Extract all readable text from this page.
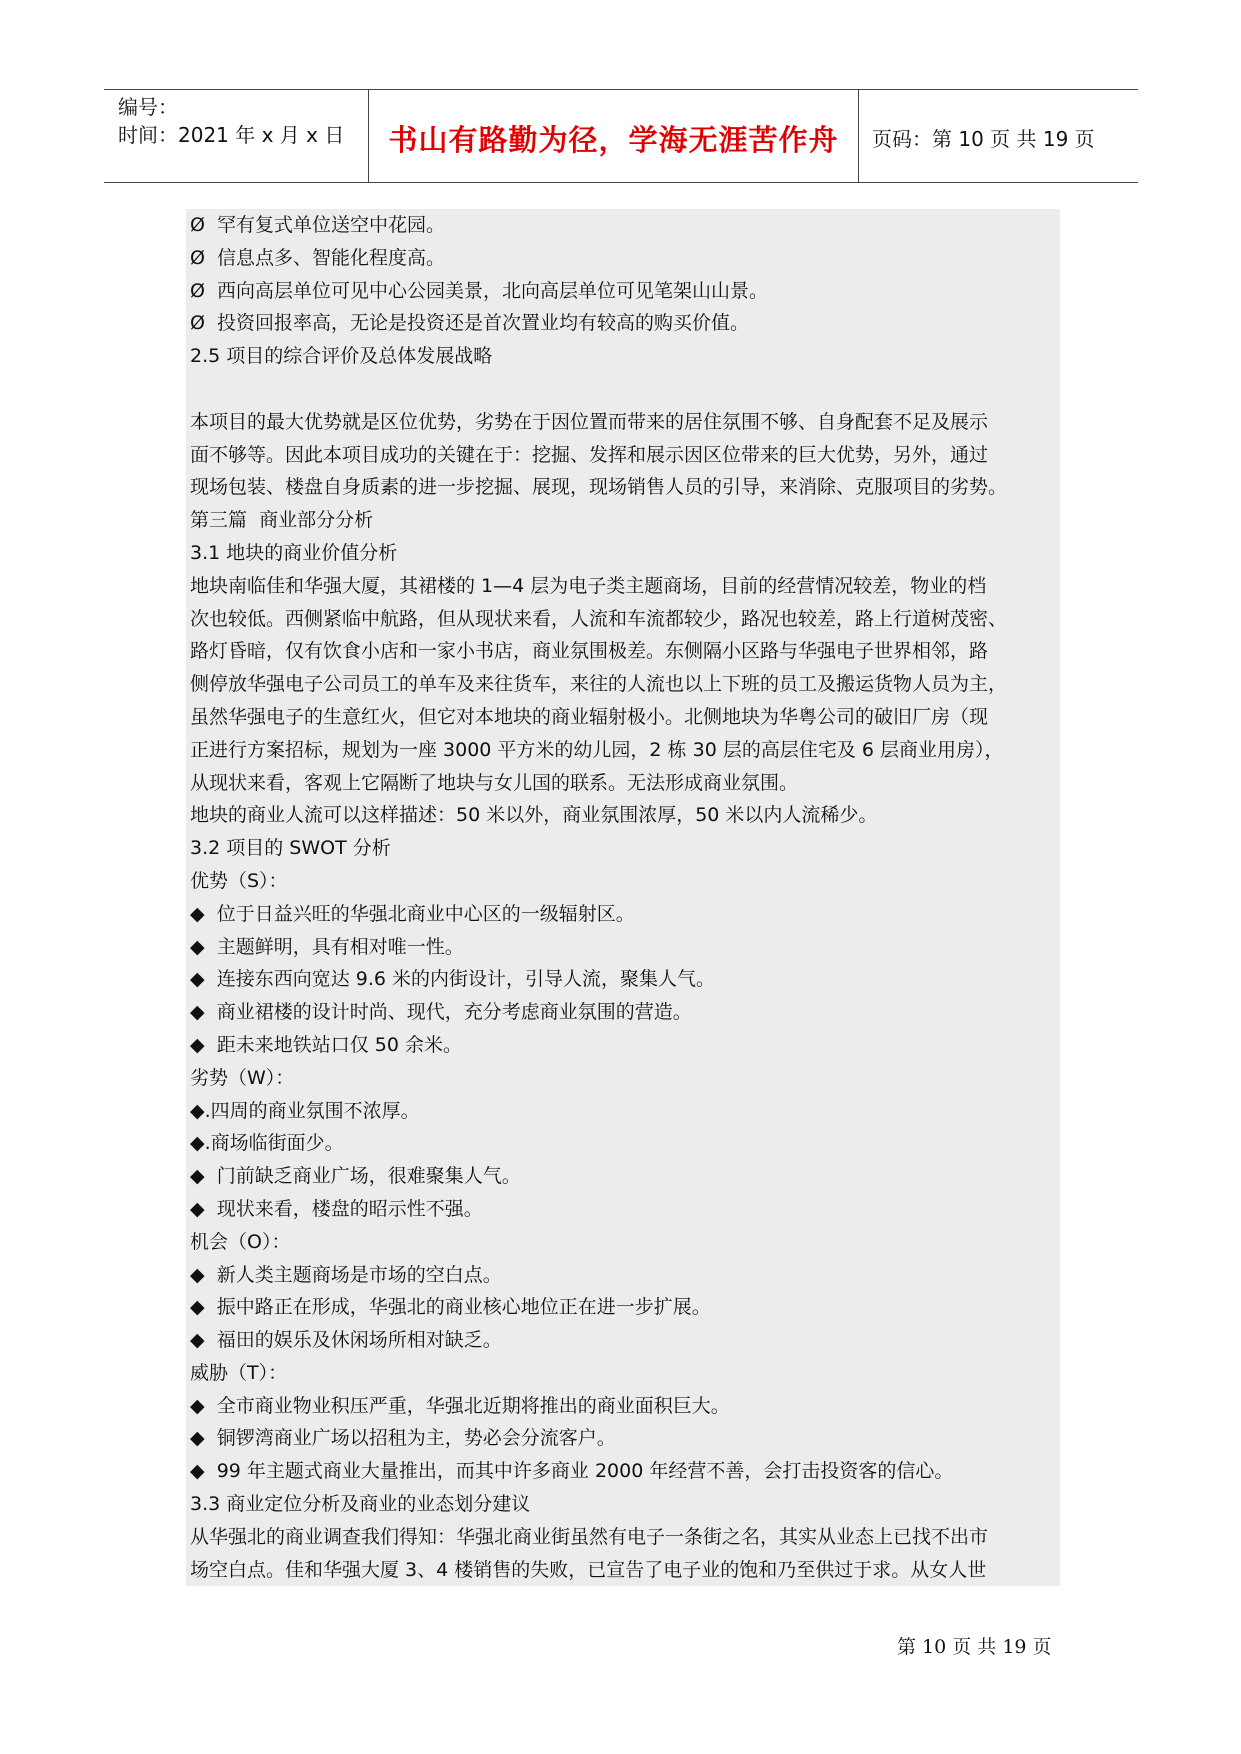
编号：
时间：2021 年 x 月 x 日	书山有路勤为径，学海无涯苦作舟	页码：第 10 页 共 19 页

Ø  罕有复式单位送空中花园。

Ø  信息点多、智能化程度高。

Ø  西向高层单位可见中心公园美景，北向高层单位可见笔架山山景。

Ø  投资回报率高，无论是投资还是首次置业均有较高的购买价值。

2.5 项目的综合评价及总体发展战略

本项目的最大优势就是区位优势，劣势在于因位置而带来的居住氛围不够、自身配套不足及展示

面不够等。因此本项目成功的关键在于：挖掘、发挥和展示因区位带来的巨大优势，另外，通过

现场包装、楼盘自身质素的进一步挖掘、展现，现场销售人员的引导，来消除、克服项目的劣势。

第三篇  商业部分分析

3.1 地块的商业价值分析

地块南临佳和华强大厦，其裙楼的 1—4 层为电子类主题商场，目前的经营情况较差，物业的档

次也较低。西侧紧临中航路，但从现状来看，人流和车流都较少，路况也较差，路上行道树茂密、

路灯昏暗，仅有饮食小店和一家小书店，商业氛围极差。东侧隔小区路与华强电子世界相邻，路

侧停放华强电子公司员工的单车及来往货车，来往的人流也以上下班的员工及搬运货物人员为主，

虽然华强电子的生意红火，但它对本地块的商业辐射极小。北侧地块为华粤公司的破旧厂房（现

正进行方案招标，规划为一座 3000 平方米的幼儿园，2 栋 30 层的高层住宅及 6 层商业用房），

从现状来看，客观上它隔断了地块与女儿国的联系。无法形成商业氛围。

地块的商业人流可以这样描述：50 米以外，商业氛围浓厚，50 米以内人流稀少。

3.2 项目的 SWOT 分析

优势（S）：

◆  位于日益兴旺的华强北商业中心区的一级辐射区。

◆  主题鲜明，具有相对唯一性。

◆  连接东西向宽达 9.6 米的内街设计，引导人流，聚集人气。

◆  商业裙楼的设计时尚、现代，充分考虑商业氛围的营造。

◆  距未来地铁站口仅 50 余米。

劣势（W）：

◆.四周的商业氛围不浓厚。

◆.商场临街面少。

◆  门前缺乏商业广场，很难聚集人气。

◆  现状来看，楼盘的昭示性不强。

机会（O）：

◆  新人类主题商场是市场的空白点。

◆  振中路正在形成，华强北的商业核心地位正在进一步扩展。

◆  福田的娱乐及休闲场所相对缺乏。

威胁（T）：

◆  全市商业物业积压严重，华强北近期将推出的商业面积巨大。

◆  铜锣湾商业广场以招租为主，势必会分流客户。

◆  99 年主题式商业大量推出，而其中许多商业 2000 年经营不善，会打击投资客的信心。

3.3 商业定位分析及商业的业态划分建议

从华强北的商业调查我们得知：华强北商业街虽然有电子一条街之名，其实从业态上已找不出市

场空白点。佳和华强大厦 3、4 楼销售的失败，已宣告了电子业的饱和乃至供过于求。从女人世

第 10 页 共 19 页
